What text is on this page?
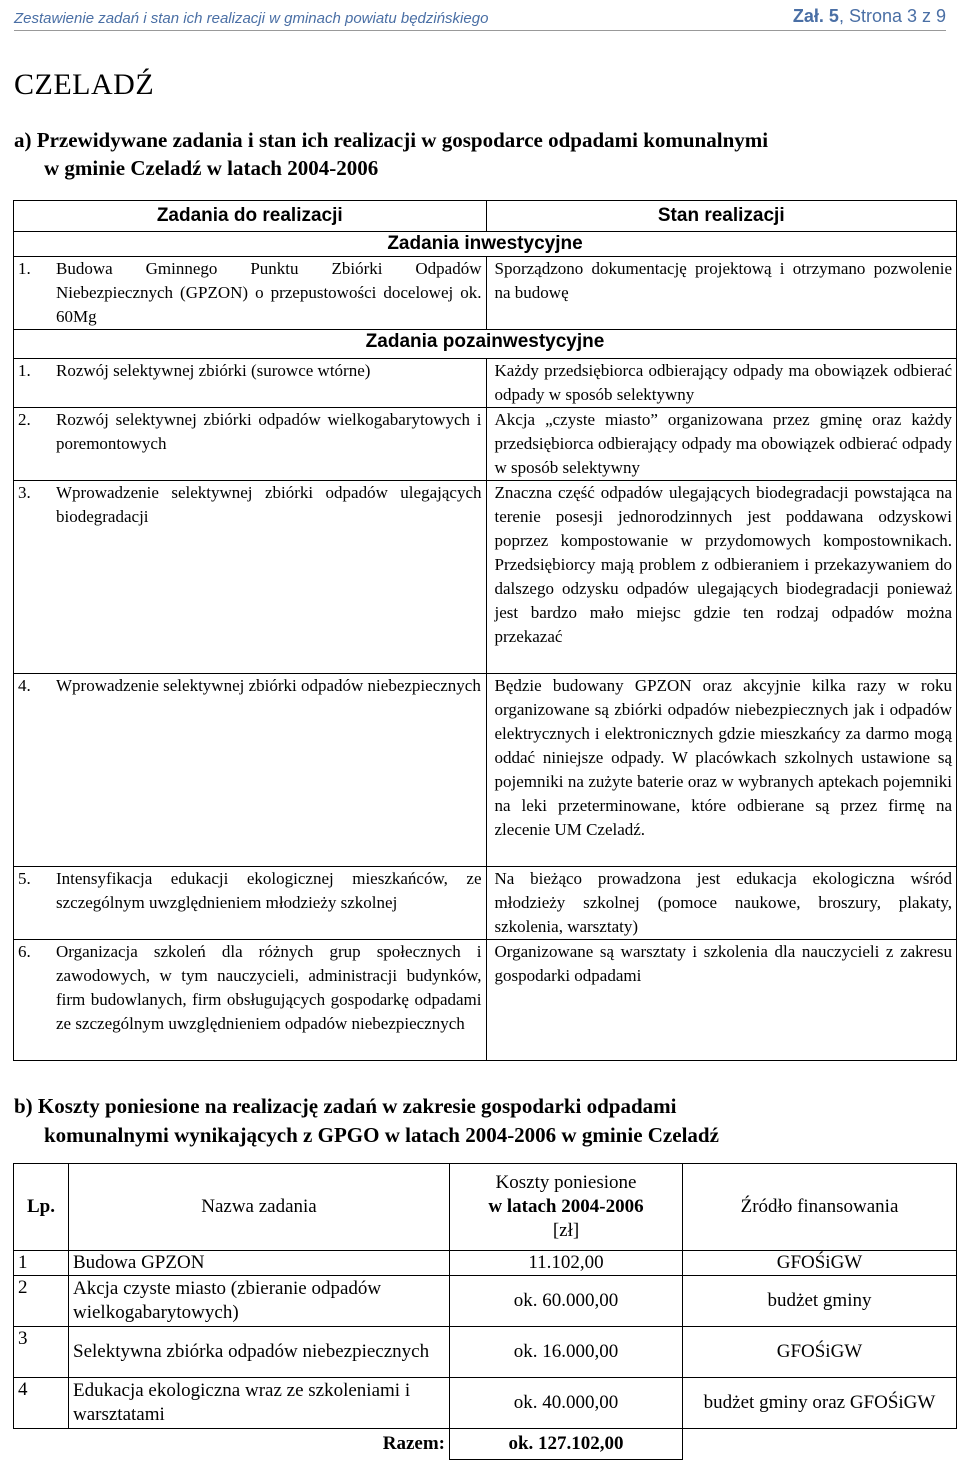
Zestawienie zadań i stan ich realizacji w gminach powiatu będzińskiego	Zał. 5, Strona 3 z 9
CZELADŹ
a) Przewidywane zadania i stan ich realizacji w gospodarce odpadami komunalnymi
w gminie Czeladź w latach 2004-2006
Zadania do realizacji	Stan realizacji
Zadania inwestycyjne	

1. Budowa Gminnego Punktu Zbiórki Odpadów Niebezpiecznych (GPZON) o przepustowości docelowej ok. 60Mg	Sporządzono dokumentację projektową i otrzymano pozwolenie na budowę

Zadania pozainwestycyjne	

1. Rozwój selektywnej zbiórki (surowce wtórne)	Każdy przedsiębiorca odbierający odpady ma obowiązek odbierać odpady w sposób selektywny

2. Rozwój selektywnej zbiórki odpadów wielkogabarytowych i poremontowych	Akcja „czyste miasto” organizowana przez gminę oraz każdy przedsiębiorca odbierający odpady ma obowiązek odbierać odpady w sposób selektywny

3. Wprowadzenie selektywnej zbiórki odpadów ulegających biodegradacji	Znaczna część odpadów ulegających biodegradacji powstająca na terenie posesji jednorodzinnych jest poddawana odzyskowi poprzez kompostowanie w przydomowych kompostownikach. Przedsiębiorcy mają problem z odbieraniem i przekazywaniem do dalszego odzysku odpadów ulegających biodegradacji ponieważ jest bardzo mało miejsc gdzie ten rodzaj odpadów można przekazać

4. Wprowadzenie selektywnej zbiórki odpadów niebezpiecznych	Będzie budowany GPZON oraz akcyjnie kilka razy w roku organizowane są zbiórki odpadów niebezpiecznych jak i odpadów elektrycznych i elektronicznych gdzie mieszkańcy za darmo mogą oddać niniejsze odpady. W placówkach szkolnych ustawione są pojemniki na zużyte baterie oraz w wybranych aptekach pojemniki na leki przeterminowane, które odbierane są przez firmę na zlecenie UM Czeladź.

5. Intensyfikacja edukacji ekologicznej mieszkańców, ze szczególnym uwzględnieniem młodzieży szkolnej	Na bieżąco prowadzona jest edukacja ekologiczna wśród młodzieży szkolnej (pomoce naukowe, broszury, plakaty, szkolenia, warsztaty)

6. Organizacja szkoleń dla różnych grup społecznych i zawodowych, w tym nauczycieli, administracji budynków, firm budowlanych, firm obsługujących gospodarkę odpadami ze szczególnym uwzględnieniem odpadów niebezpiecznych	Organizowane są warsztaty i szkolenia dla nauczycieli z zakresu gospodarki odpadami
b) Koszty poniesione na realizację zadań w zakresie gospodarki odpadami
komunalnymi wynikających z GPGO w latach 2004-2006 w gminie Czeladź
Lp.	Nazwa zadania	Koszty poniesione
w latach 2004-2006
[zł]	Źródło finansowania
1	Budowa GPZON	11.102,00	GFOŚiGW
2	Akcja czyste miasto (zbieranie odpadów wielkogabarytowych)	ok. 60.000,00	budżet gminy
3	Selektywna zbiórka odpadów niebezpiecznych	ok. 16.000,00	GFOŚiGW
4	Edukacja ekologiczna wraz ze szkoleniami i warsztatami	ok. 40.000,00	budżet gminy oraz GFOŚiGW
Razem:		ok. 127.102,00	
